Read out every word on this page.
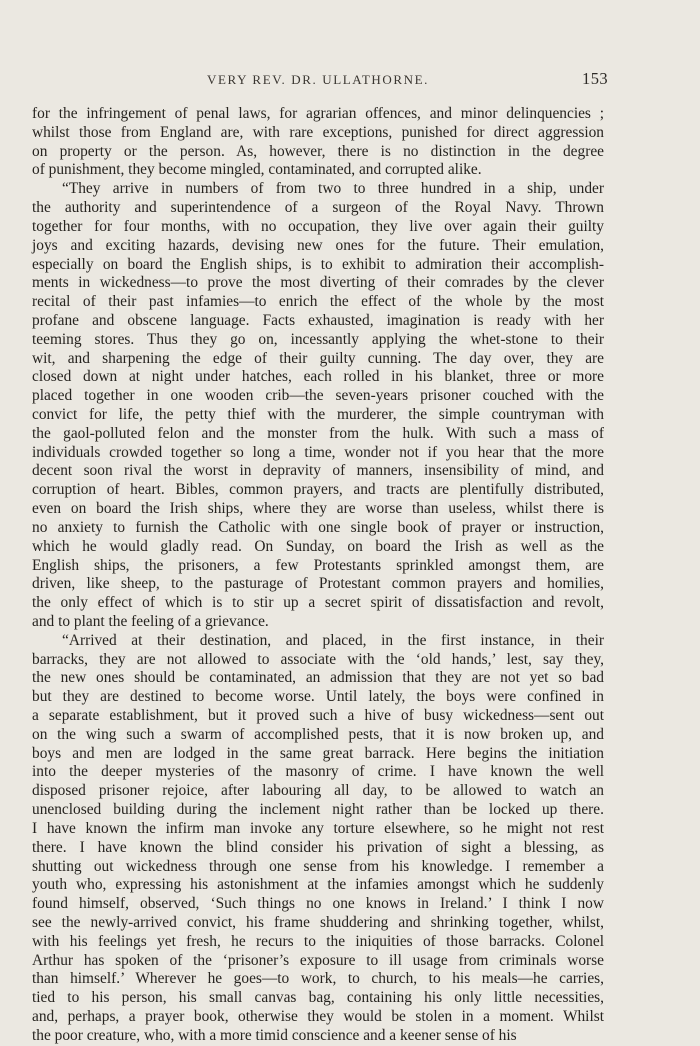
VERY REV. DR. ULLATHORNE.	153
for the infringement of penal laws, for agrarian offences, and minor delinquencies ;
whilst those from England are, with rare exceptions, punished for direct aggression
on property or the person. As, however, there is no distinction in the degree
of punishment, they become mingled, contaminated, and corrupted alike.
“They arrive in numbers of from two to three hundred in a ship, under
the authority and superintendence of a surgeon of the Royal Navy. Thrown
together for four months, with no occupation, they live over again their guilty
joys and exciting hazards, devising new ones for the future. Their emulation,
especially on board the English ships, is to exhibit to admiration their accomplish-
ments in wickedness—to prove the most diverting of their comrades by the clever
recital of their past infamies—to enrich the effect of the whole by the most
profane and obscene language. Facts exhausted, imagination is ready with her
teeming stores. Thus they go on, incessantly applying the whet-stone to their
wit, and sharpening the edge of their guilty cunning. The day over, they are
closed down at night under hatches, each rolled in his blanket, three or more
placed together in one wooden crib—the seven-years prisoner couched with the
convict for life, the petty thief with the murderer, the simple countryman with
the gaol-polluted felon and the monster from the hulk. With such a mass of
individuals crowded together so long a time, wonder not if you hear that the more
decent soon rival the worst in depravity of manners, insensibility of mind, and
corruption of heart. Bibles, common prayers, and tracts are plentifully distributed,
even on board the Irish ships, where they are worse than useless, whilst there is
no anxiety to furnish the Catholic with one single book of prayer or instruction,
which he would gladly read. On Sunday, on board the Irish as well as the
English ships, the prisoners, a few Protestants sprinkled amongst them, are
driven, like sheep, to the pasturage of Protestant common prayers and homilies,
the only effect of which is to stir up a secret spirit of dissatisfaction and revolt,
and to plant the feeling of a grievance.
“Arrived at their destination, and placed, in the first instance, in their
barracks, they are not allowed to associate with the ‘old hands,’ lest, say they,
the new ones should be contaminated, an admission that they are not yet so bad
but they are destined to become worse. Until lately, the boys were confined in
a separate establishment, but it proved such a hive of busy wickedness—sent out
on the wing such a swarm of accomplished pests, that it is now broken up, and
boys and men are lodged in the same great barrack. Here begins the initiation
into the deeper mysteries of the masonry of crime. I have known the well
disposed prisoner rejoice, after labouring all day, to be allowed to watch an
unenclosed building during the inclement night rather than be locked up there.
I have known the infirm man invoke any torture elsewhere, so he might not rest
there. I have known the blind consider his privation of sight a blessing, as
shutting out wickedness through one sense from his knowledge. I remember a
youth who, expressing his astonishment at the infamies amongst which he suddenly
found himself, observed, ‘Such things no one knows in Ireland.’ I think I now
see the newly-arrived convict, his frame shuddering and shrinking together, whilst,
with his feelings yet fresh, he recurs to the iniquities of those barracks. Colonel
Arthur has spoken of the ‘prisoner’s exposure to ill usage from criminals worse
than himself.’ Wherever he goes—to work, to church, to his meals—he carries,
tied to his person, his small canvas bag, containing his only little necessities,
and, perhaps, a prayer book, otherwise they would be stolen in a moment. Whilst
the poor creature, who, with a more timid conscience and a keener sense of his
